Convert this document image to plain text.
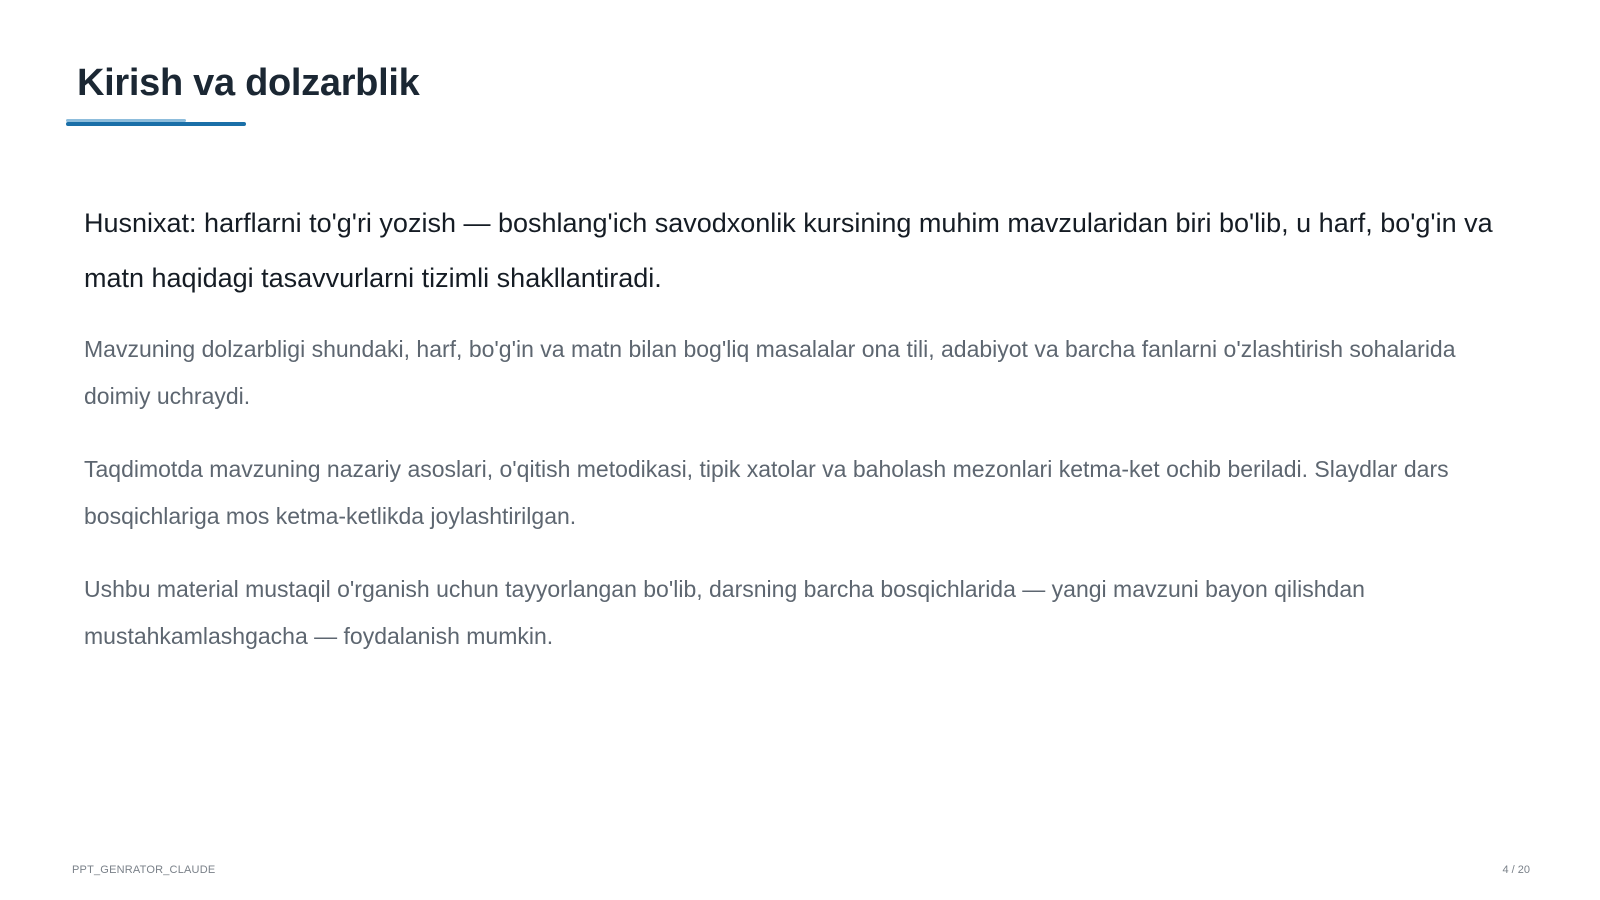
Kirish va dolzarblik

Husnixat: harflarni to'g'ri yozish — boshlang'ich savodxonlik kursining muhim mavzularidan biri bo'lib, u harf, bo'g'in va matn haqidagi tasavvurlarni tizimli shakllantiradi.

Mavzuning dolzarbligi shundaki, harf, bo'g'in va matn bilan bog'liq masalalar ona tili, adabiyot va barcha fanlarni o'zlashtirish sohalarida doimiy uchraydi.

Taqdimotda mavzuning nazariy asoslari, o'qitish metodikasi, tipik xatolar va baholash mezonlari ketma-ket ochib beriladi. Slaydlar dars bosqichlariga mos ketma-ketlikda joylashtirilgan.

Ushbu material mustaqil o'rganish uchun tayyorlangan bo'lib, darsning barcha bosqichlarida — yangi mavzuni bayon qilishdan mustahkamlashgacha — foydalanish mumkin.

PPT_GENRATOR_CLAUDE	4 / 20
